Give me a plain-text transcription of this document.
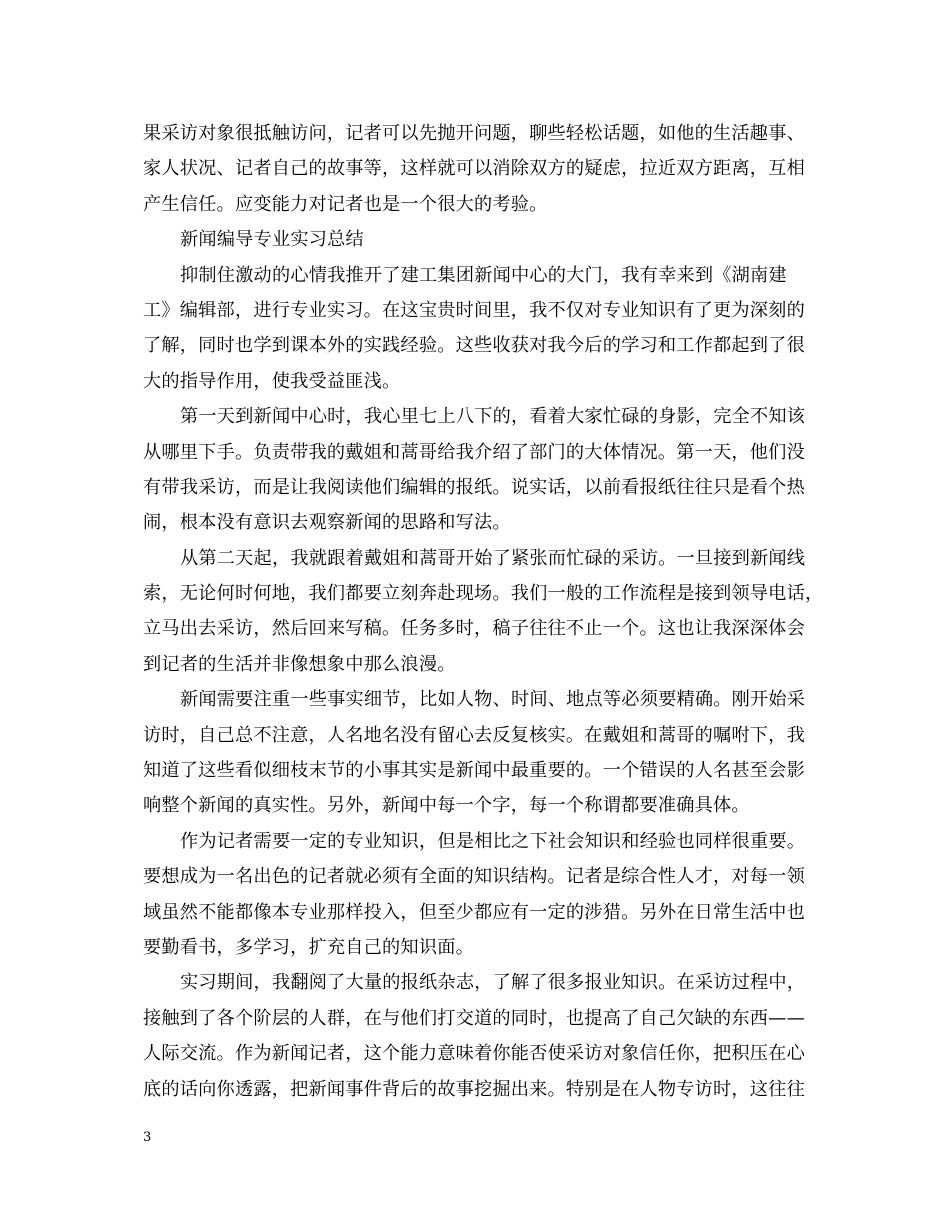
果采访对象很抵触访问，记者可以先抛开问题，聊些轻松话题，如他的生活趣事、
家人状况、记者自己的故事等，这样就可以消除双方的疑虑，拉近双方距离，互相
产生信任。应变能力对记者也是一个很大的考验。
新闻编导专业实习总结
抑制住激动的心情我推开了建工集团新闻中心的大门，我有幸来到《湖南建
工》编辑部，进行专业实习。在这宝贵时间里，我不仅对专业知识有了更为深刻的
了解，同时也学到课本外的实践经验。这些收获对我今后的学习和工作都起到了很
大的指导作用，使我受益匪浅。
第一天到新闻中心时，我心里七上八下的，看着大家忙碌的身影，完全不知该
从哪里下手。负责带我的戴姐和蒿哥给我介绍了部门的大体情况。第一天，他们没
有带我采访，而是让我阅读他们编辑的报纸。说实话，以前看报纸往往只是看个热
闹，根本没有意识去观察新闻的思路和写法。
从第二天起，我就跟着戴姐和蒿哥开始了紧张而忙碌的采访。一旦接到新闻线
索，无论何时何地，我们都要立刻奔赴现场。我们一般的工作流程是接到领导电话，
立马出去采访，然后回来写稿。任务多时，稿子往往不止一个。这也让我深深体会
到记者的生活并非像想象中那么浪漫。
新闻需要注重一些事实细节，比如人物、时间、地点等必须要精确。刚开始采
访时，自己总不注意，人名地名没有留心去反复核实。在戴姐和蒿哥的嘱咐下，我
知道了这些看似细枝末节的小事其实是新闻中最重要的。一个错误的人名甚至会影
响整个新闻的真实性。另外，新闻中每一个字，每一个称谓都要准确具体。
作为记者需要一定的专业知识，但是相比之下社会知识和经验也同样很重要。
要想成为一名出色的记者就必须有全面的知识结构。记者是综合性人才，对每一领
域虽然不能都像本专业那样投入，但至少都应有一定的涉猎。另外在日常生活中也
要勤看书，多学习，扩充自己的知识面。
实习期间，我翻阅了大量的报纸杂志，了解了很多报业知识。在采访过程中，
接触到了各个阶层的人群，在与他们打交道的同时，也提高了自己欠缺的东西——
人际交流。作为新闻记者，这个能力意味着你能否使采访对象信任你，把积压在心
底的话向你透露，把新闻事件背后的故事挖掘出来。特别是在人物专访时，这往往
3
